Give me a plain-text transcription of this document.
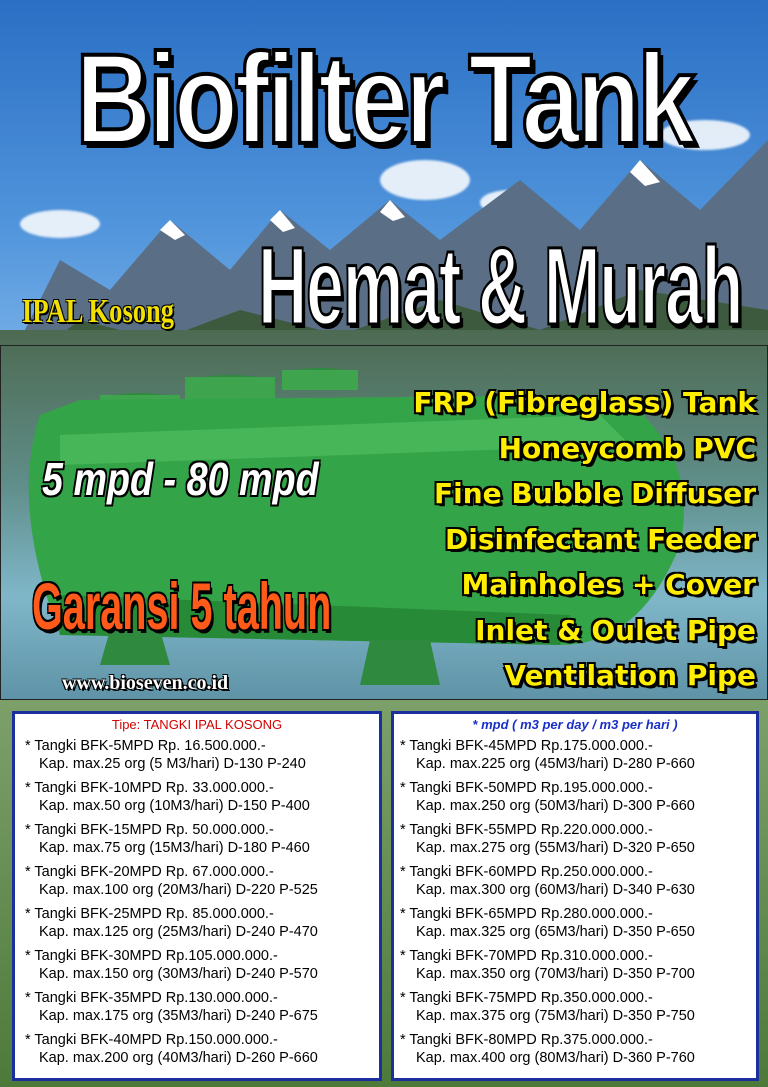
Biofilter Tank
IPAL Kosong Hemat & Murah
5 mpd - 80 mpd
Garansi 5 tahun
www.bioseven.co.id
FRP (Fibreglass) Tank
Honeycomb PVC
Fine Bubble Diffuser
Disinfectant Feeder
Mainholes + Cover
Inlet & Oulet Pipe
Ventilation Pipe
Tipe: TANGKI IPAL KOSONG
* Tangki BFK-5MPD Rp. 16.500.000.-
Kap. max.25 org (5 M3/hari) D-130 P-240
* Tangki BFK-10MPD Rp. 33.000.000.-
Kap. max.50 org (10M3/hari) D-150 P-400
* Tangki BFK-15MPD Rp. 50.000.000.-
Kap. max.75 org (15M3/hari) D-180 P-460
* Tangki BFK-20MPD Rp. 67.000.000.-
Kap. max.100 org (20M3/hari) D-220 P-525
* Tangki BFK-25MPD Rp. 85.000.000.-
Kap. max.125 org (25M3/hari) D-240 P-470
* Tangki BFK-30MPD Rp.105.000.000.-
Kap. max.150 org (30M3/hari) D-240 P-570
* Tangki BFK-35MPD Rp.130.000.000.-
Kap. max.175 org (35M3/hari) D-240 P-675
* Tangki BFK-40MPD Rp.150.000.000.-
Kap. max.200 org (40M3/hari) D-260 P-660
* mpd ( m3 per day / m3 per hari )
* Tangki BFK-45MPD Rp.175.000.000.-
Kap. max.225 org (45M3/hari) D-280 P-660
* Tangki BFK-50MPD Rp.195.000.000.-
Kap. max.250 org (50M3/hari) D-300 P-660
* Tangki BFK-55MPD Rp.220.000.000.-
Kap. max.275 org (55M3/hari) D-320 P-650
* Tangki BFK-60MPD Rp.250.000.000.-
Kap. max.300 org (60M3/hari) D-340 P-630
* Tangki BFK-65MPD Rp.280.000.000.-
Kap. max.325 org (65M3/hari) D-350 P-650
* Tangki BFK-70MPD Rp.310.000.000.-
Kap. max.350 org (70M3/hari) D-350 P-700
* Tangki BFK-75MPD Rp.350.000.000.-
Kap. max.375 org (75M3/hari) D-350 P-750
* Tangki BFK-80MPD Rp.375.000.000.-
Kap. max.400 org (80M3/hari) D-360 P-760
